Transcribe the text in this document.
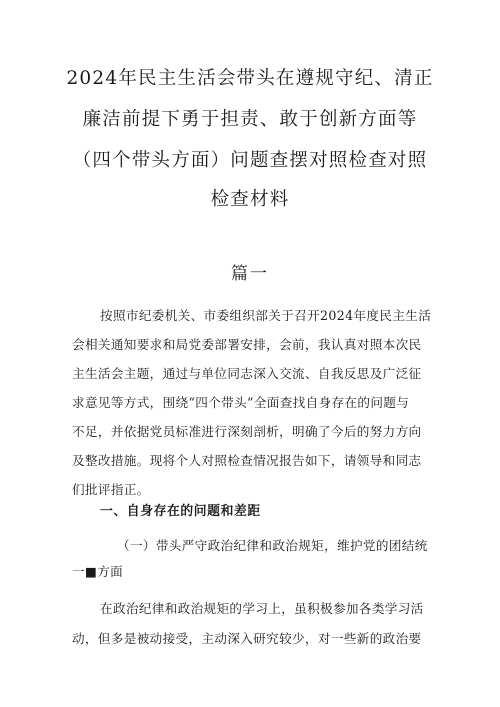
2024年民主生活会带头在遵规守纪、清正
廉洁前提下勇于担责、敢于创新方面等
（四个带头方面）问题查摆对照检查对照
检查材料
篇一
按照市纪委机关、市委组织部关于召开2024年度民主生活
会相关通知要求和局党委部署安排，会前，我认真对照本次民
主生活会主题，通过与单位同志深入交流、自我反思及广泛征
求意见等方式，围绕“四个带头”全面查找自身存在的问题与
不足，并依据党员标准进行深刻剖析，明确了今后的努力方向
及整改措施。现将个人对照检查情况报告如下，请领导和同志
们批评指正。
一、自身存在的问题和差距
（一）带头严守政治纪律和政治规矩，维护党的团结统
一■方面
在政治纪律和政治规矩的学习上，虽积极参加各类学习活
动，但多是被动接受，主动深入研究较少，对一些新的政治要
